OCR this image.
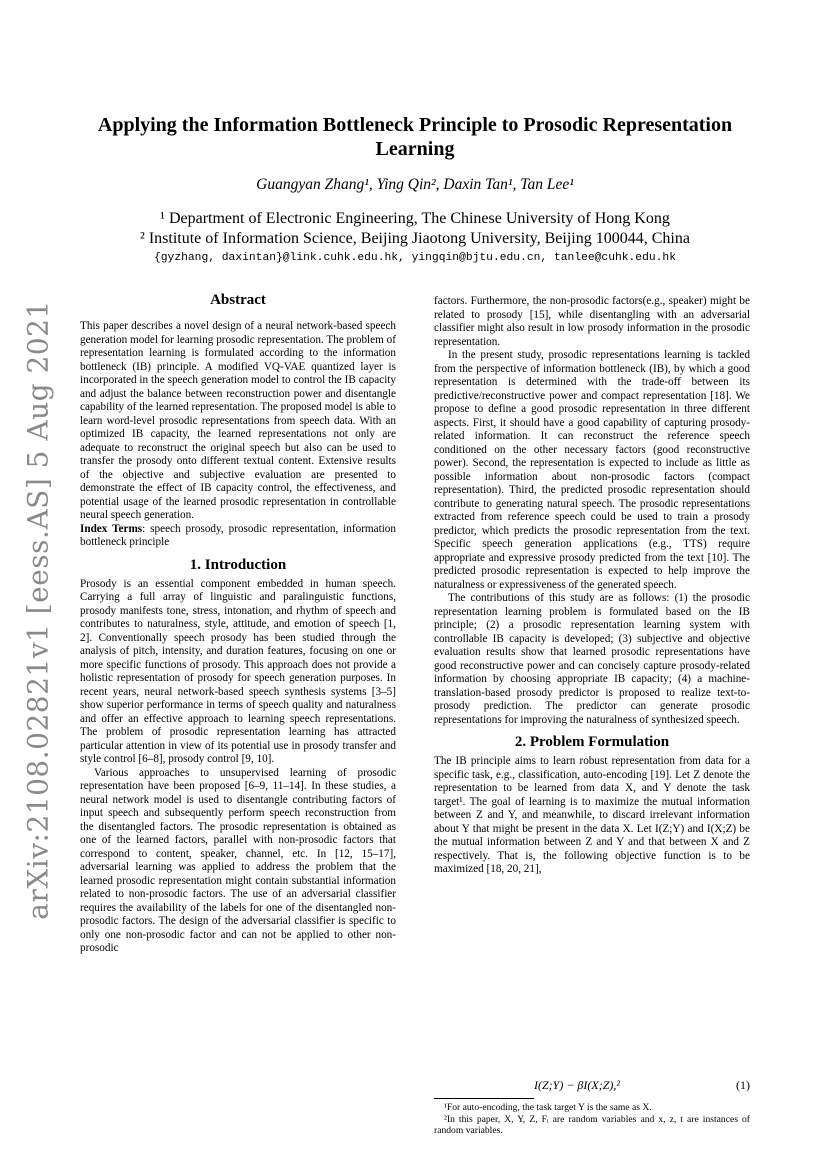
arXiv:2108.02821v1 [eess.AS] 5 Aug 2021
Applying the Information Bottleneck Principle to Prosodic Representation Learning
Guangyan Zhang¹, Ying Qin², Daxin Tan¹, Tan Lee¹
¹ Department of Electronic Engineering, The Chinese University of Hong Kong
² Institute of Information Science, Beijing Jiaotong University, Beijing 100044, China
{gyzhang, daxintan}@link.cuhk.edu.hk, yingqin@bjtu.edu.cn, tanlee@cuhk.edu.hk

Abstract

This paper describes a novel design of a neural network-based speech generation model for learning prosodic representation. The problem of representation learning is formulated according to the information bottleneck (IB) principle. A modified VQ-VAE quantized layer is incorporated in the speech generation model to control the IB capacity and adjust the balance between reconstruction power and disentangle capability of the learned representation. The proposed model is able to learn word-level prosodic representations from speech data. With an optimized IB capacity, the learned representations not only are adequate to reconstruct the original speech but also can be used to transfer the prosody onto different textual content. Extensive results of the objective and subjective evaluation are presented to demonstrate the effect of IB capacity control, the effectiveness, and potential usage of the learned prosodic representation in controllable neural speech generation.

Index Terms: speech prosody, prosodic representation, information bottleneck principle

1. Introduction

Prosody is an essential component embedded in human speech. Carrying a full array of linguistic and paralinguistic functions, prosody manifests tone, stress, intonation, and rhythm of speech and contributes to naturalness, style, attitude, and emotion of speech [1, 2]. Conventionally speech prosody has been studied through the analysis of pitch, intensity, and duration features, focusing on one or more specific functions of prosody. This approach does not provide a holistic representation of prosody for speech generation purposes. In recent years, neural network-based speech synthesis systems [3–5] show superior performance in terms of speech quality and naturalness and offer an effective approach to learning speech representations. The problem of prosodic representation learning has attracted particular attention in view of its potential use in prosody transfer and style control [6–8], prosody control [9, 10].

Various approaches to unsupervised learning of prosodic representation have been proposed [6–9, 11–14]. In these studies, a neural network model is used to disentangle contributing factors of input speech and subsequently perform speech reconstruction from the disentangled factors. The prosodic representation is obtained as one of the learned factors, parallel with non-prosodic factors that correspond to content, speaker, channel, etc. In [12, 15–17], adversarial learning was applied to address the problem that the learned prosodic representation might contain substantial information related to non-prosodic factors. The use of an adversarial classifier requires the availability of the labels for one of the disentangled non-prosodic factors. The design of the adversarial classifier is specific to only one non-prosodic factor and can not be applied to other non-prosodic

factors. Furthermore, the non-prosodic factors(e.g., speaker) might be related to prosody [15], while disentangling with an adversarial classifier might also result in low prosody information in the prosodic representation.

In the present study, prosodic representations learning is tackled from the perspective of information bottleneck (IB), by which a good representation is determined with the trade-off between its predictive/reconstructive power and compact representation [18]. We propose to define a good prosodic representation in three different aspects. First, it should have a good capability of capturing prosody-related information. It can reconstruct the reference speech conditioned on the other necessary factors (good reconstructive power). Second, the representation is expected to include as little as possible information about non-prosodic factors (compact representation). Third, the predicted prosodic representation should contribute to generating natural speech. The prosodic representations extracted from reference speech could be used to train a prosody predictor, which predicts the prosodic representation from the text. Specific speech generation applications (e.g., TTS) require appropriate and expressive prosody predicted from the text [10]. The predicted prosodic representation is expected to help improve the naturalness or expressiveness of the generated speech.

The contributions of this study are as follows: (1) the prosodic representation learning problem is formulated based on the IB principle; (2) a prosodic representation learning system with controllable IB capacity is developed; (3) subjective and objective evaluation results show that learned prosodic representations have good reconstructive power and can concisely capture prosody-related information by choosing appropriate IB capacity; (4) a machine-translation-based prosody predictor is proposed to realize text-to-prosody prediction. The predictor can generate prosodic representations for improving the naturalness of synthesized speech.

2. Problem Formulation

The IB principle aims to learn robust representation from data for a specific task, e.g., classification, auto-encoding [19]. Let Z denote the representation to be learned from data X, and Y denote the task target¹. The goal of learning is to maximize the mutual information between Z and Y, and meanwhile, to discard irrelevant information about Y that might be present in the data X. Let I(Z;Y) and I(X;Z) be the mutual information between Z and Y and that between X and Z respectively. That is, the following objective function is to be maximized [18, 20, 21],

I(Z;Y) − βI(X;Z),²	(1)

¹For auto-encoding, the task target Y is the same as X.

²In this paper, X, Y, Z, Fᵢ are random variables and x, z, t are instances of random variables.
